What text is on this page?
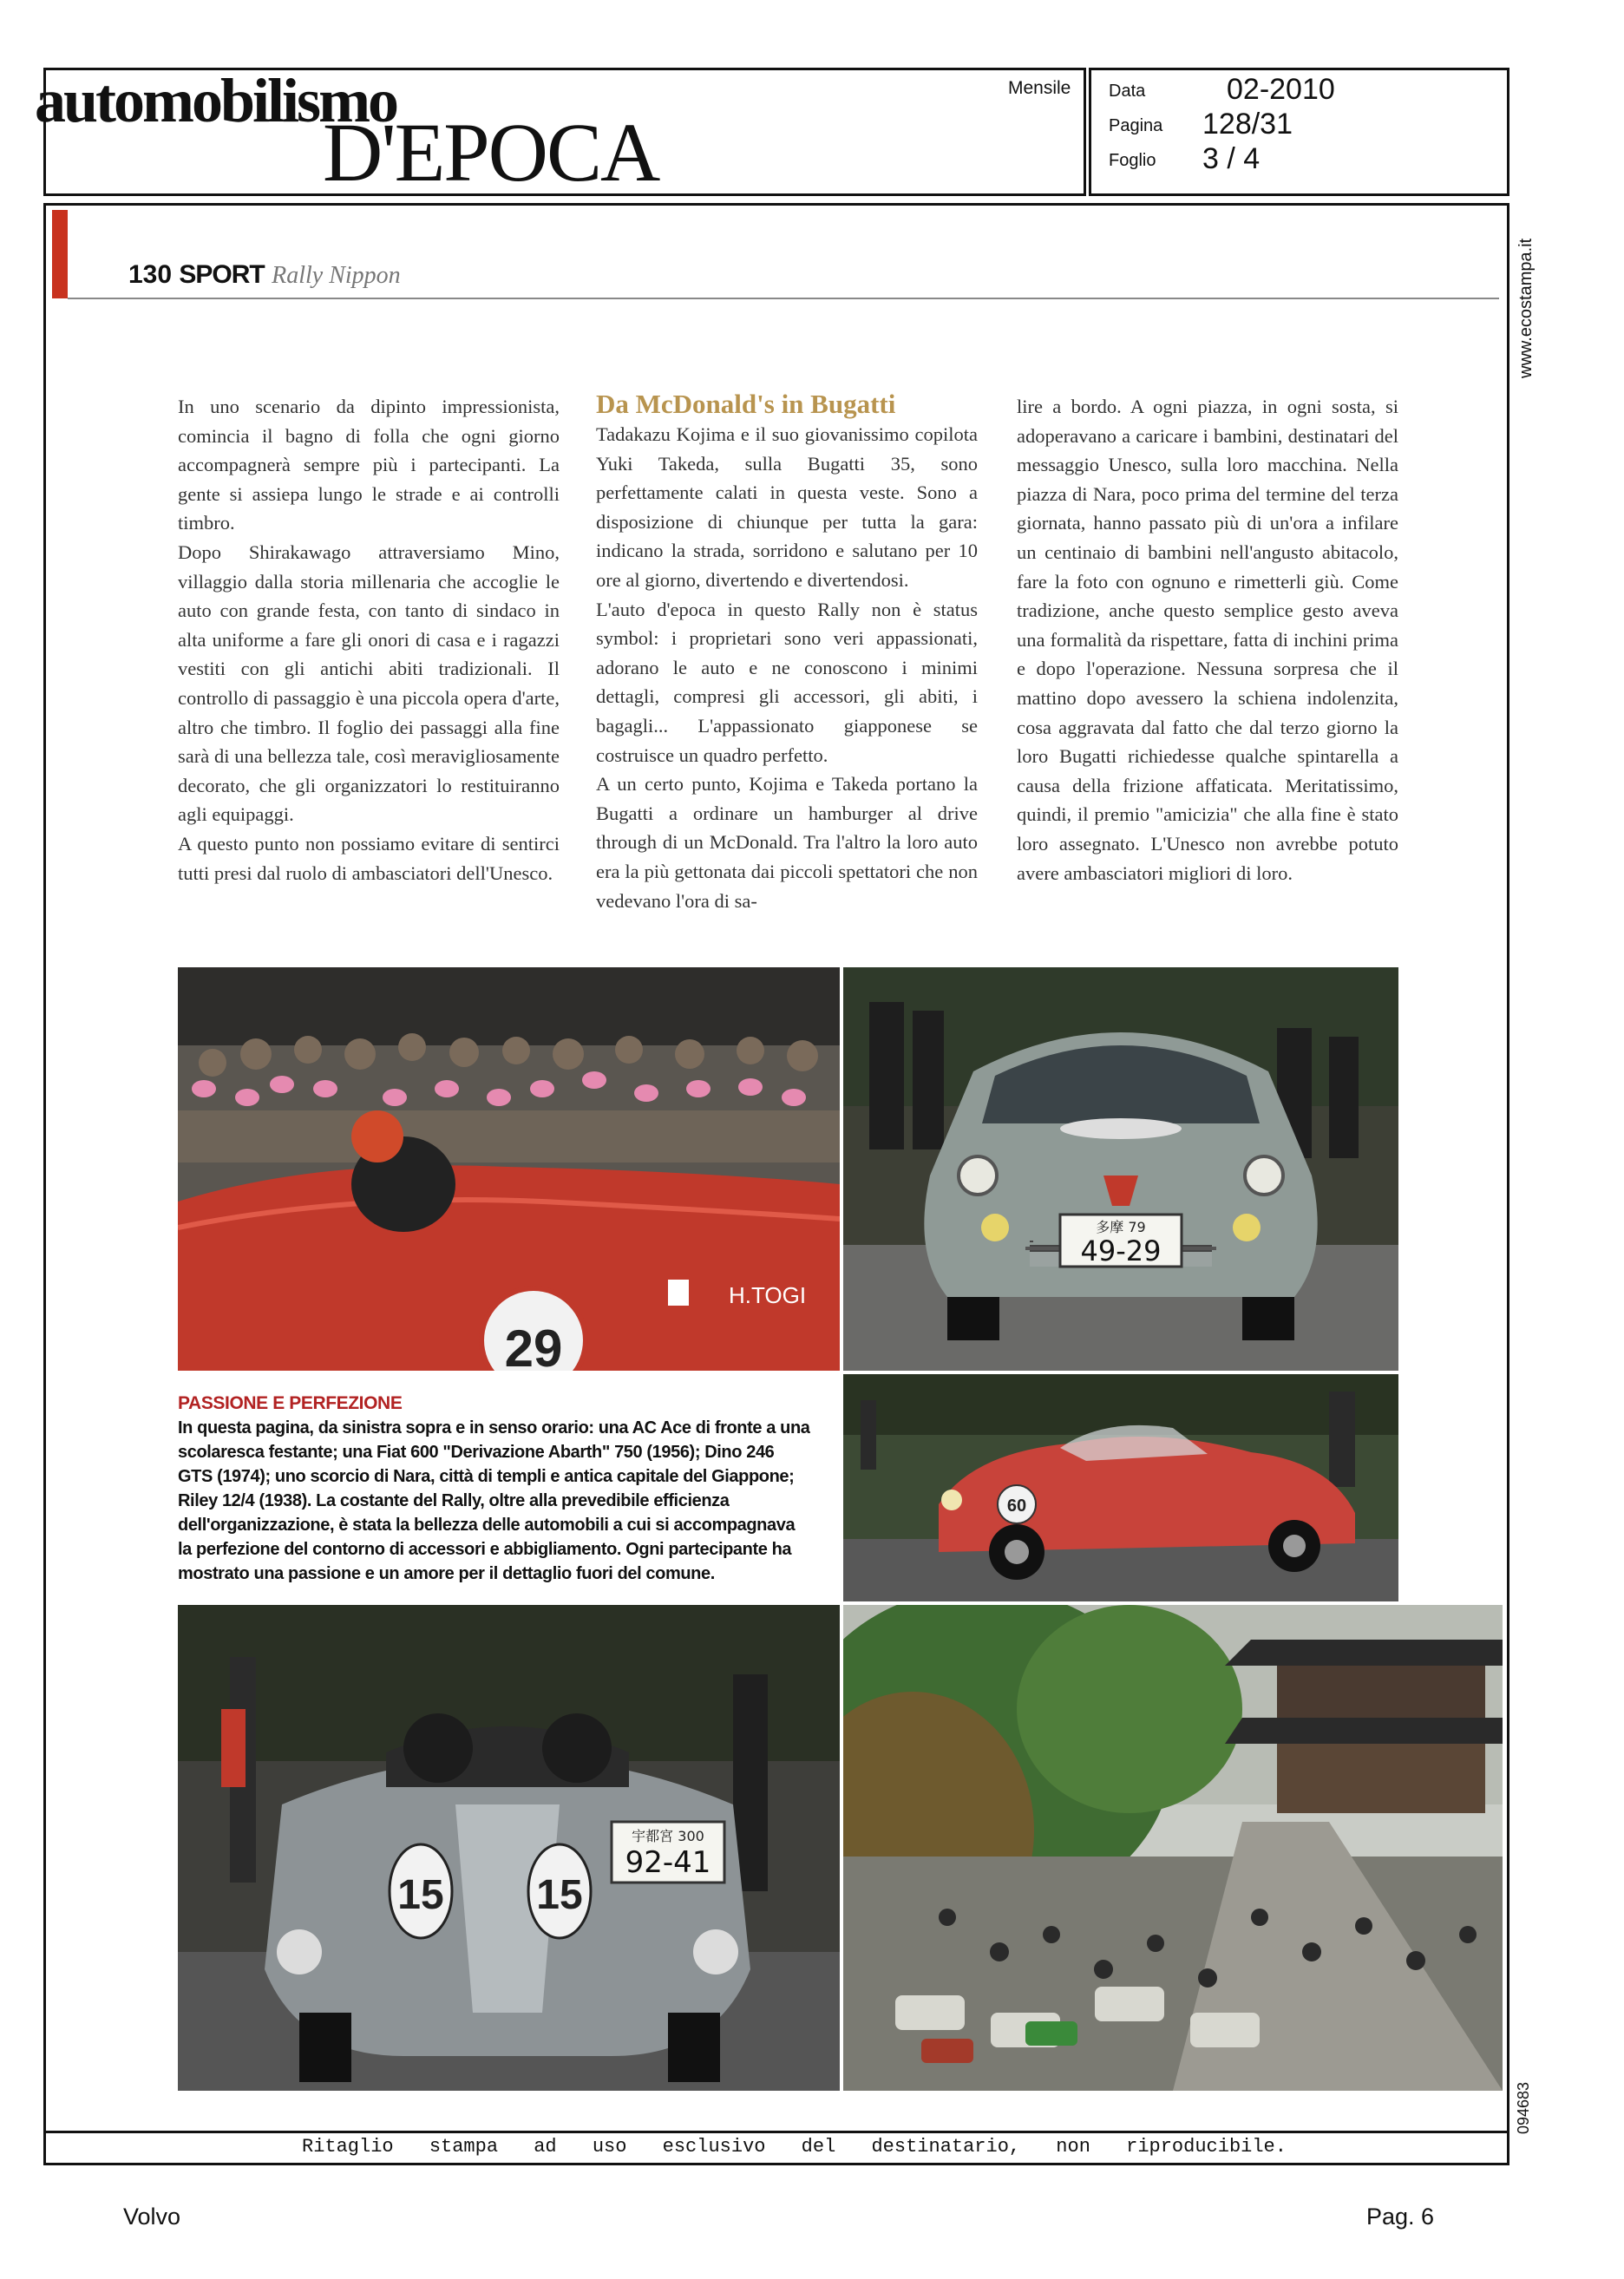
automobilismo
D'EPOCA
Mensile Data	02-2010
Pagina 128/31
Foglio 3 / 4
www.ecostampa.it
094683
130 SPORT Rally Nippon

In uno scenario da dipinto impressionista, comincia il bagno di folla che ogni giorno accompagnerà sempre più i partecipanti. La gente si assiepa lungo le strade e ai controlli timbro.

Dopo Shirakawago attraversiamo Mino, villaggio dalla storia millenaria che accoglie le auto con grande festa, con tanto di sindaco in alta uniforme a fare gli onori di casa e i ragazzi vestiti con gli antichi abiti tradizionali. Il controllo di passaggio è una piccola opera d'arte, altro che timbro. Il foglio dei passaggi alla fine sarà di una bellezza tale, così meravigliosamente decorato, che gli organizzatori lo restituiranno agli equipaggi.

A questo punto non possiamo evitare di sentirci tutti presi dal ruolo di ambasciatori dell'Unesco.

Da McDonald's in Bugatti

Tadakazu Kojima e il suo giovanissimo copilota Yuki Takeda, sulla Bugatti 35, sono perfettamente calati in questa veste. Sono a disposizione di chiunque per tutta la gara: indicano la strada, sorridono e salutano per 10 ore al giorno, divertendo e divertendosi.

L'auto d'epoca in questo Rally non è status symbol: i proprietari sono veri appassionati, adorano le auto e ne conoscono i minimi dettagli, compresi gli accessori, gli abiti, i bagagli... L'appassionato giapponese se costruisce un quadro perfetto.

A un certo punto, Kojima e Takeda portano la Bugatti a ordinare un hamburger al drive through di un McDonald. Tra l'altro la loro auto era la più gettonata dai piccoli spettatori che non vedevano l'ora di sa-

lire a bordo. A ogni piazza, in ogni sosta, si adoperavano a caricare i bambini, destinatari del messaggio Unesco, sulla loro macchina. Nella piazza di Nara, poco prima del termine del terza giornata, hanno passato più di un'ora a infilare un centinaio di bambini nell'angusto abitacolo, fare la foto con ognuno e rimetterli giù. Come tradizione, anche questo semplice gesto aveva una formalità da rispettare, fatta di inchini prima e dopo l'operazione. Nessuna sorpresa che il mattino dopo avessero la schiena indolenzita, cosa aggravata dal fatto che dal terzo giorno la loro Bugatti richiedesse qualche spintarella a causa della frizione affaticata. Meritatissimo, quindi, il premio "amicizia" che alla fine è stato loro assegnato. L'Unesco non avrebbe potuto avere ambasciatori migliori di loro.

H.TOGI
29
多摩 79
49-29
PASSIONE E PERFEZIONE
In questa pagina, da sinistra sopra e in senso orario: una AC Ace di fronte a una scolaresca festante; una Fiat 600 "Derivazione Abarth" 750 (1956); Dino 246 GTS (1974); uno scorcio di Nara, città di templi e antica capitale del Giappone; Riley 12/4 (1938). La costante del Rally, oltre alla prevedibile efficienza dell'organizzazione, è stata la bellezza delle automobili a cui si accompagnava la perfezione del contorno di accessori e abbigliamento. Ogni partecipante ha mostrato una passione e un amore per il dettaglio fuori del comune.
60
15 15
宇都宮 300
92-41
Ritaglio stampa ad uso esclusivo del destinatario, non riproducibile.
Volvo	Pag. 6
